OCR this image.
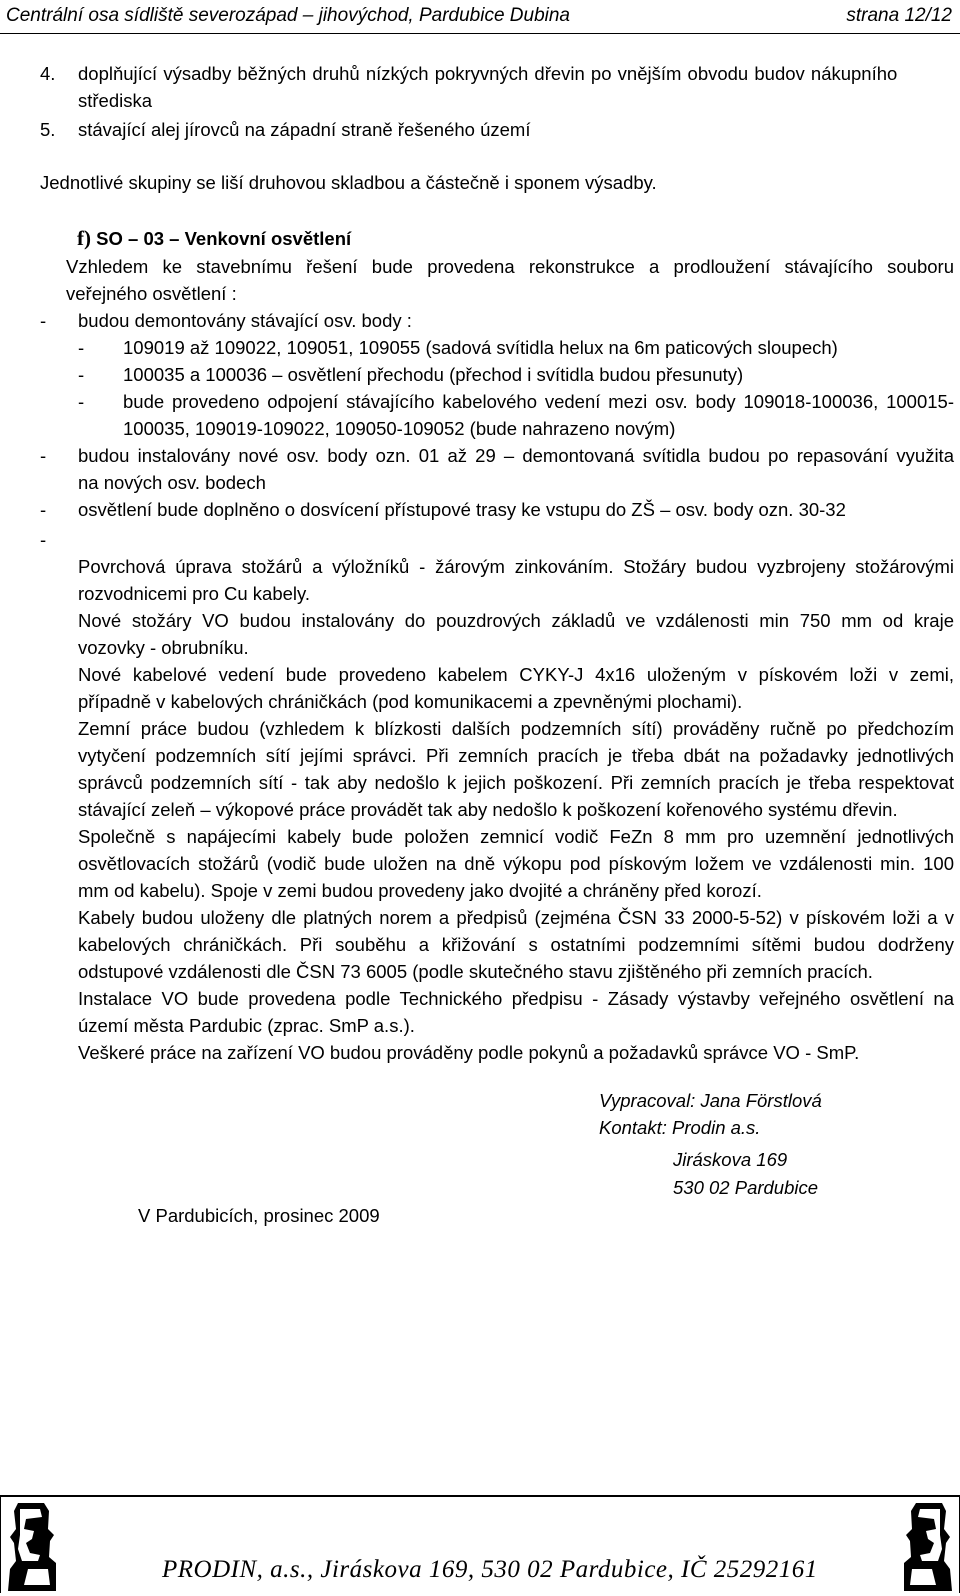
Centrální osa sídliště severozápad – jihovýchod, Pardubice Dubina	strana 12/12
4. doplňující výsadby běžných druhů nízkých pokryvných dřevin po vnějším obvodu budov nákupního
střediska
5. stávající alej jírovců na západní straně řešeného území
Jednotlivé skupiny se liší druhovou skladbou a částečně i sponem výsadby.
f) SO – 03 – Venkovní osvětlení
Vzhledem ke stavebnímu řešení bude provedena rekonstrukce a prodloužení stávajícího souboru
veřejného osvětlení :
- budou demontovány stávající osv. body :
- 109019 až 109022, 109051, 109055 (sadová svítidla helux na 6m paticových sloupech)
- 100035 a 100036 – osvětlení přechodu (přechod i svítidla budou přesunuty)
- bude provedeno odpojení stávajícího kabelového vedení mezi osv. body 109018-100036, 100015-
100035, 109019-109022, 109050-109052 (bude nahrazeno novým)
- budou instalovány nové osv. body ozn. 01 až 29 – demontovaná svítidla budou po repasování využita
na nových osv. bodech
- osvětlení bude doplněno o dosvícení přístupové trasy ke vstupu do ZŠ – osv. body ozn. 30-32
-
Povrchová úprava stožárů a výložníků - žárovým zinkováním. Stožáry budou vyzbrojeny stožárovými
rozvodnicemi pro Cu kabely.
Nové stožáry VO budou instalovány do pouzdrových základů ve vzdálenosti min 750 mm od kraje
vozovky - obrubníku.
Nové kabelové vedení bude provedeno kabelem CYKY-J 4x16 uloženým v pískovém loži v zemi,
případně v kabelových chráničkách (pod komunikacemi a zpevněnými plochami).
Zemní práce budou (vzhledem k blízkosti dalších podzemních sítí) prováděny ručně po předchozím
vytyčení podzemních sítí jejími správci. Při zemních pracích je třeba dbát na požadavky jednotlivých
správců podzemních sítí - tak aby nedošlo k jejich poškození. Při zemních pracích je třeba respektovat
stávající zeleň – výkopové práce provádět tak aby nedošlo k poškození kořenového systému dřevin.
Společně s napájecími kabely bude položen zemnicí vodič FeZn 8 mm pro uzemnění jednotlivých
osvětlovacích stožárů (vodič bude uložen na dně výkopu pod pískovým ložem ve vzdálenosti min. 100
mm od kabelu). Spoje v zemi budou provedeny jako dvojité a chráněny před korozí.
Kabely budou uloženy dle platných norem a předpisů (zejména ČSN 33 2000-5-52) v pískovém loži a v
kabelových chráničkách. Při souběhu a křižování s ostatními podzemními sítěmi budou dodrženy
odstupové vzdálenosti dle ČSN 73 6005 (podle skutečného stavu zjištěného při zemních pracích.
Instalace VO bude provedena podle Technického předpisu - Zásady výstavby veřejného osvětlení na
území města Pardubic (zprac. SmP a.s.).
Veškeré práce na zařízení VO budou prováděny podle pokynů a požadavků správce VO - SmP.
Vypracoval: Jana Förstlová
Kontakt: Prodin a.s.
Jiráskova 169
530 02 Pardubice
V Pardubicích, prosinec 2009
PRODIN, a.s., Jiráskova 169, 530 02 Pardubice, IČ 25292161
